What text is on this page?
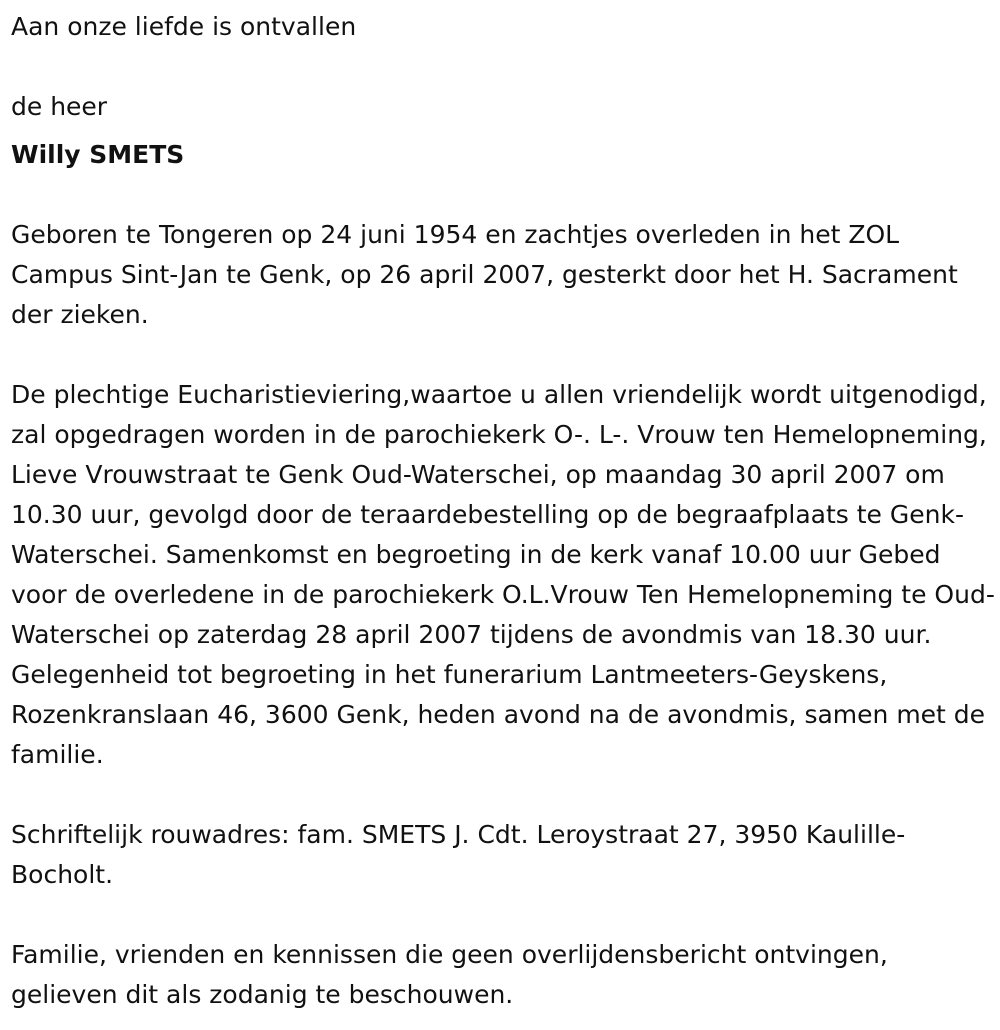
Aan onze liefde is ontvallen

de heer

Willy SMETS

Geboren te Tongeren op 24 juni 1954 en zachtjes overleden in het ZOL Campus Sint-Jan te Genk, op 26 april 2007, gesterkt door het H. Sacrament der zieken.

De plechtige Eucharistieviering,waartoe u allen vriendelijk wordt uitgenodigd, zal opgedragen worden in de parochiekerk O-. L-. Vrouw ten Hemelopneming, Lieve Vrouwstraat te Genk Oud-Waterschei, op maandag 30 april 2007 om 10.30 uur, gevolgd door de teraardebestelling op de begraafplaats te Genk-Waterschei. Samenkomst en begroeting in de kerk vanaf 10.00 uur Gebed voor de overledene in de parochiekerk O.L.Vrouw Ten Hemelopneming te Oud-Waterschei op zaterdag 28 april 2007 tijdens de avondmis van 18.30 uur. Gelegenheid tot begroeting in het funerarium Lantmeeters-Geyskens, Rozenkranslaan 46, 3600 Genk, heden avond na de avondmis, samen met de familie.

Schriftelijk rouwadres: fam. SMETS J. Cdt. Leroystraat 27, 3950 Kaulille-Bocholt.

Familie, vrienden en kennissen die geen overlijdensbericht ontvingen, gelieven dit als zodanig te beschouwen.
